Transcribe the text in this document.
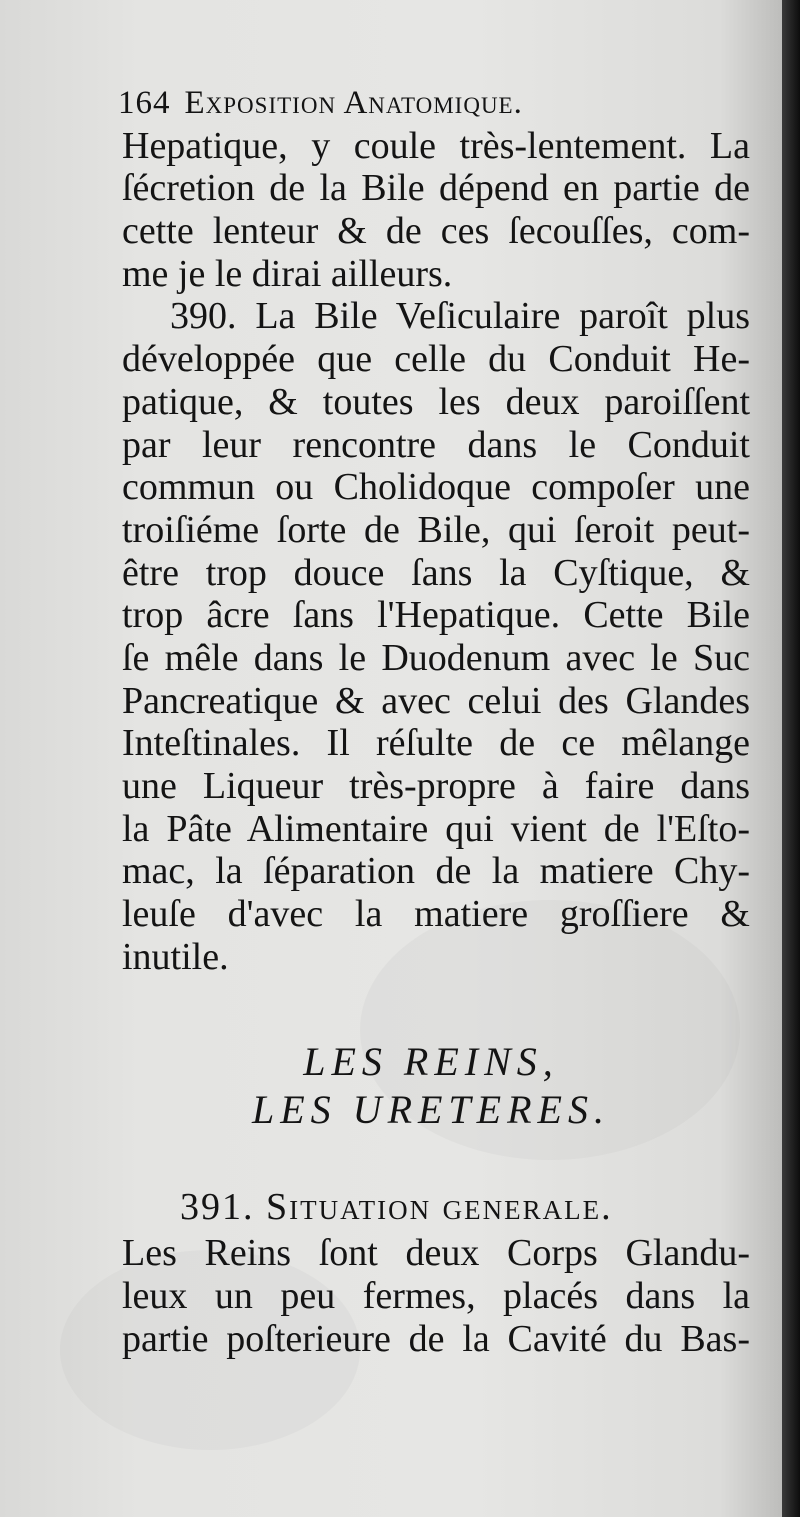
164 Exposition Anatomique.
Hepatique, y coule très-lentement. La
ſécretion de la Bile dépend en partie de
cette lenteur & de ces ſecouſſes, com-
me je le dirai ailleurs.
390. La Bile Veſiculaire paroît plus
développée que celle du Conduit He-
patique, & toutes les deux paroiſſent
par leur rencontre dans le Conduit
commun ou Cholidoque compoſer une
troiſiéme ſorte de Bile, qui ſeroit peut-
être trop douce ſans la Cyſtique, &
trop âcre ſans l'Hepatique. Cette Bile
ſe mêle dans le Duodenum avec le Suc
Pancreatique & avec celui des Glandes
Inteſtinales. Il réſulte de ce mêlange
une Liqueur très-propre à faire dans
la Pâte Alimentaire qui vient de l'Eſto-
mac, la ſéparation de la matiere Chy-
leuſe d'avec la matiere groſſiere &
inutile.
LES REINS,
LES URETERES.
391. Situation generale.
Les Reins ſont deux Corps Glandu-
leux un peu fermes, placés dans la
partie poſterieure de la Cavité du Bas-
